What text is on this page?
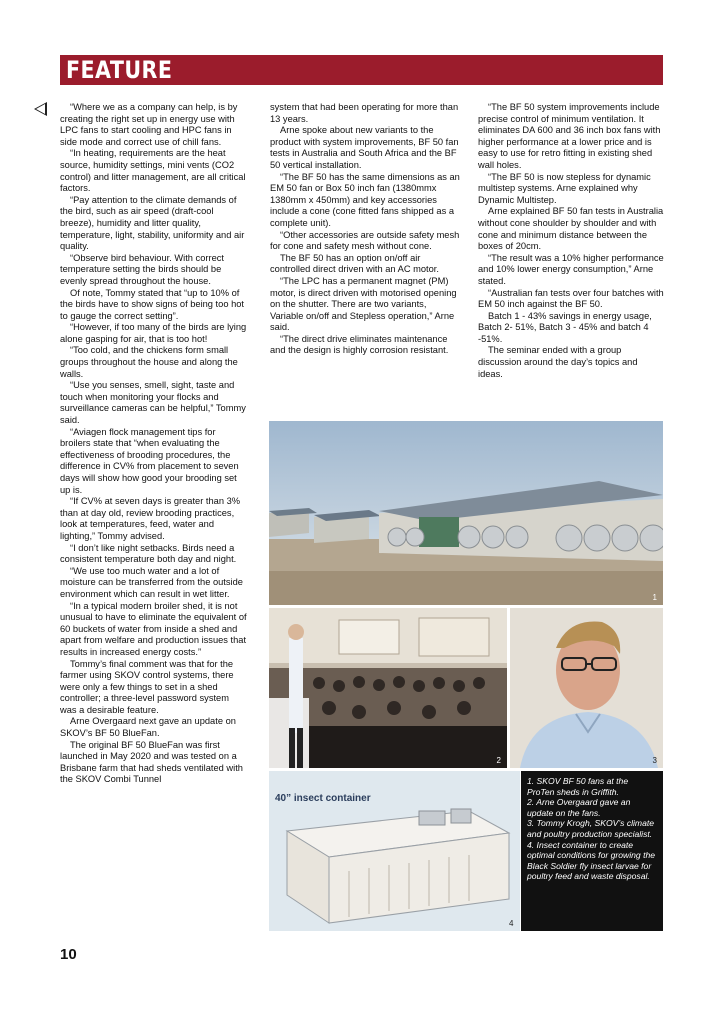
FEATURE

“Where we as a company can help, is by creating the right set up in energy use with LPC fans to start cooling and HPC fans in side mode and correct use of chill fans.

“In heating, requirements are the heat source, humidity settings, mini vents (CO2 control) and litter management, are all critical factors.

“Pay attention to the climate demands of the bird, such as air speed (draft-cool breeze), humidity and litter quality, temperature, light, stability, uniformity and air quality.

“Observe bird behaviour. With correct temperature setting the birds should be evenly spread throughout the house.

Of note, Tommy stated that “up to 10% of the birds have to show signs of being too hot to gauge the correct setting”.

“However, if too many of the birds are lying alone gasping for air, that is too hot!

“Too cold, and the chickens form small groups throughout the house and along the walls.

“Use you senses, smell, sight, taste and touch when monitoring your flocks and surveillance cameras can be helpful,” Tommy said.

“Aviagen flock management tips for broilers state that “when evaluating the effectiveness of brooding procedures, the difference in CV% from placement to seven days will show how good your brooding set up is.

“If CV% at seven days is greater than 3% than at day old, review brooding practices, look at temperatures, feed, water and lighting,” Tommy advised.

“I don’t like night setbacks. Birds need a consistent temperature both day and night.

“We use too much water and a lot of moisture can be transferred from the outside environment which can result in wet litter.

“In a typical modern broiler shed, it is not unusual to have to eliminate the equivalent of 60 buckets of water from inside a shed and apart from welfare and production issues that results in increased energy costs.”

Tommy’s final comment was that for the farmer using SKOV control systems, there were only a few things to set in a shed controller; a three-level password system was a desirable feature.

Arne Overgaard next gave an update on SKOV’s BF 50 BlueFan.

The original BF 50 BlueFan was first launched in May 2020 and was tested on a Brisbane farm that had sheds ventilated with the SKOV Combi Tunnel

system that had been operating for more than 13 years.

Arne spoke about new variants to the product with system improvements, BF 50 fan tests in Australia and South Africa and the BF 50 vertical installation.

“The BF 50 has the same dimensions as an EM 50 fan or Box 50 inch fan (1380mmx 1380mm x 450mm) and key accessories include a cone (cone fitted fans shipped as a complete unit).

“Other accessories are outside safety mesh for cone and safety mesh without cone.

The BF 50 has an option on/off air controlled direct driven with an AC motor.

“The LPC has a permanent magnet (PM) motor, is direct driven with motorised opening on the shutter. There are two variants, Variable on/off and Stepless operation,” Arne said.

“The direct drive eliminates maintenance and the design is highly corrosion resistant.

“The BF 50 system improvements include precise control of minimum ventilation. It eliminates DA 600 and 36 inch box fans with higher performance at a lower price and is easy to use for retro fitting in existing shed wall holes.

“The BF 50 is now stepless for dynamic multistep systems. Arne explained why Dynamic Multistep.

Arne explained BF 50 fan tests in Australia without cone shoulder by shoulder and with cone and minimum distance between the boxes of 20cm.

“The result was a 10% higher performance and 10% lower energy consumption,” Arne stated.

“Australian fan tests over four batches with EM 50 inch against the BF 50.

Batch 1 - 43% savings in energy usage, Batch 2- 51%, Batch 3 - 45% and batch 4 -51%.

The seminar ended with a group discussion around the day’s topics and ideas.

1
2	3
40” insect container
4

1. SKOV BF 50 fans at the ProTen sheds in Griffith.

2. Arne Overgaard gave an update on the fans.

3. Tommy Krogh, SKOV’s climate and poultry production specialist.

4. Insect container to create optimal conditions for growing the Black Soldier fly insect larvae for poultry feed and waste disposal.

10
